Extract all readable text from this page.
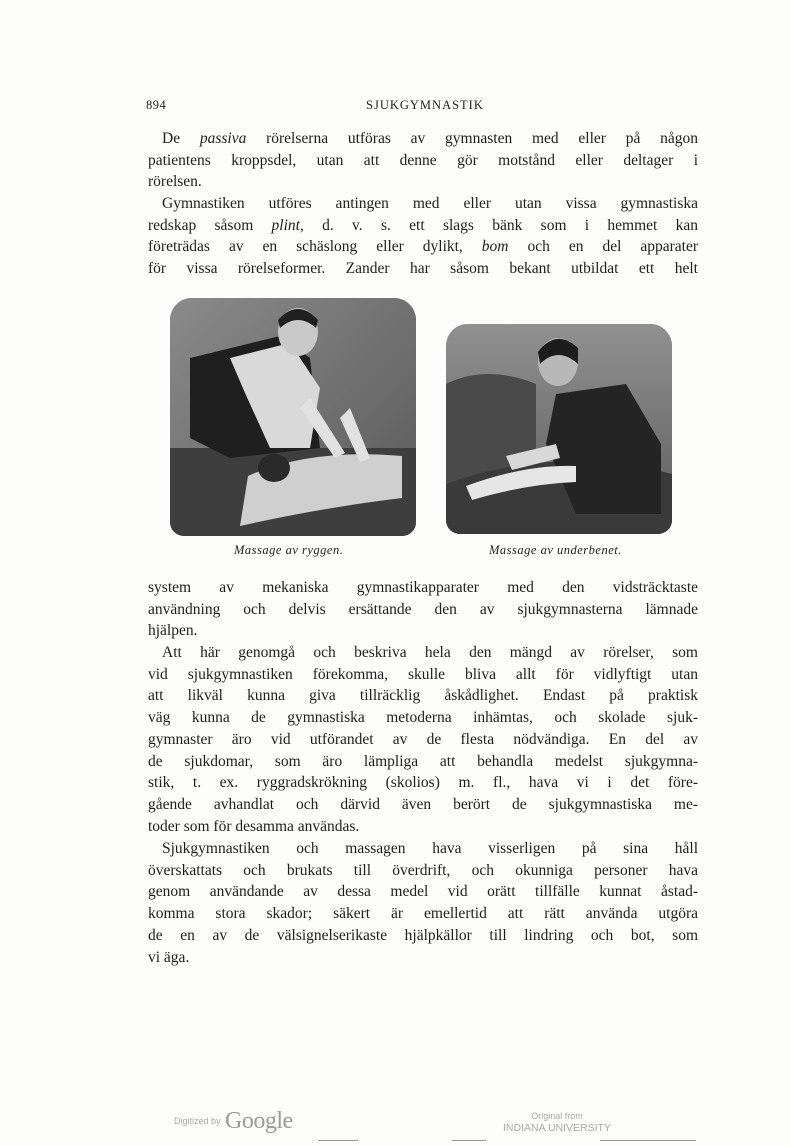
894	SJUKGYMNASTIK
De passiva rörelserna utföras av gymnasten med eller på någon
patientens kroppsdel, utan att denne gör motstånd eller deltager i
rörelsen.
Gymnastiken utföres antingen med eller utan vissa gymnastiska
redskap såsom plint, d. v. s. ett slags bänk som i hemmet kan
företrädas av en schäslong eller dylikt, bom och en del apparater
för vissa rörelseformer. Zander har såsom bekant utbildat ett helt
Massage av ryggen.	Massage av underbenet.
system av mekaniska gymnastikapparater med den vidsträcktaste
användning och delvis ersättande den av sjukgymnasterna lämnade
hjälpen.
Att här genomgå och beskriva hela den mängd av rörelser, som
vid sjukgymnastiken förekomma, skulle bliva allt för vidlyftigt utan
att likväl kunna giva tillräcklig åskådlighet. Endast på praktisk
väg kunna de gymnastiska metoderna inhämtas, och skolade sjuk-
gymnaster äro vid utförandet av de flesta nödvändiga. En del av
de sjukdomar, som äro lämpliga att behandla medelst sjukgymna-
stik, t. ex. ryggradskrökning (skolios) m. fl., hava vi i det före-
gående avhandlat och därvid även berört de sjukgymnastiska me-
toder som för desamma användas.
Sjukgymnastiken och massagen hava visserligen på sina håll
överskattats och brukats till överdrift, och okunniga personer hava
genom användande av dessa medel vid orätt tillfälle kunnat åstad-
komma stora skador; säkert är emellertid att rätt använda utgöra
de en av de välsignelserikaste hjälpkällor till lindring och bot, som
vi äga.
$^{Digitized by}$ Google	Original from
INDIANA UNIVERSITY
